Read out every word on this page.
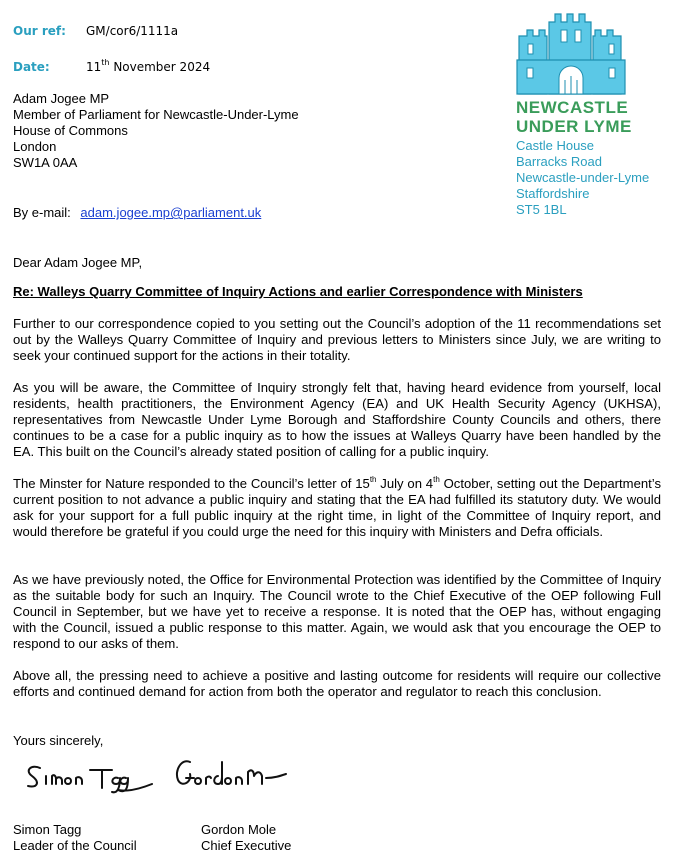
Our ref: GM/cor6/1111a
Date:	11th November 2024
Adam Jogee MP
Member of Parliament for Newcastle-Under-Lyme
House of Commons
London
SW1A 0AA
By e-mail: adam.jogee.mp@parliament.uk
NEWCASTLE
UNDER LYME
Castle House
Barracks Road
Newcastle-under-Lyme
Staffordshire
ST5 1BL
Dear Adam Jogee MP,
Re: Walleys Quarry Committee of Inquiry Actions and earlier Correspondence with Ministers
Further to our correspondence copied to you setting out the Council’s adoption of the 11 recommendations set out by the Walleys Quarry Committee of Inquiry and previous letters to Ministers since July, we are writing to seek your continued support for the actions in their totality.
As you will be aware, the Committee of Inquiry strongly felt that, having heard evidence from yourself, local residents, health practitioners, the Environment Agency (EA) and UK Health Security Agency (UKHSA), representatives from Newcastle Under Lyme Borough and Staffordshire County Councils and others, there continues to be a case for a public inquiry as to how the issues at Walleys Quarry have been handled by the EA. This built on the Council’s already stated position of calling for a public inquiry.
The Minster for Nature responded to the Council’s letter of 15th July on 4th October, setting out the Department’s current position to not advance a public inquiry and stating that the EA had fulfilled its statutory duty. We would ask for your support for a full public inquiry at the right time, in light of the Committee of Inquiry report, and would therefore be grateful if you could urge the need for this inquiry with Ministers and Defra officials.
As we have previously noted, the Office for Environmental Protection was identified by the Committee of Inquiry as the suitable body for such an Inquiry. The Council wrote to the Chief Executive of the OEP following Full Council in September, but we have yet to receive a response. It is noted that the OEP has, without engaging with the Council, issued a public response to this matter. Again, we would ask that you encourage the OEP to respond to our asks of them.
Above all, the pressing need to achieve a positive and lasting outcome for residents will require our collective efforts and continued demand for action from both the operator and regulator to reach this conclusion.
Yours sincerely,
Simon Tagg
Leader of the Council
Gordon Mole
Chief Executive
